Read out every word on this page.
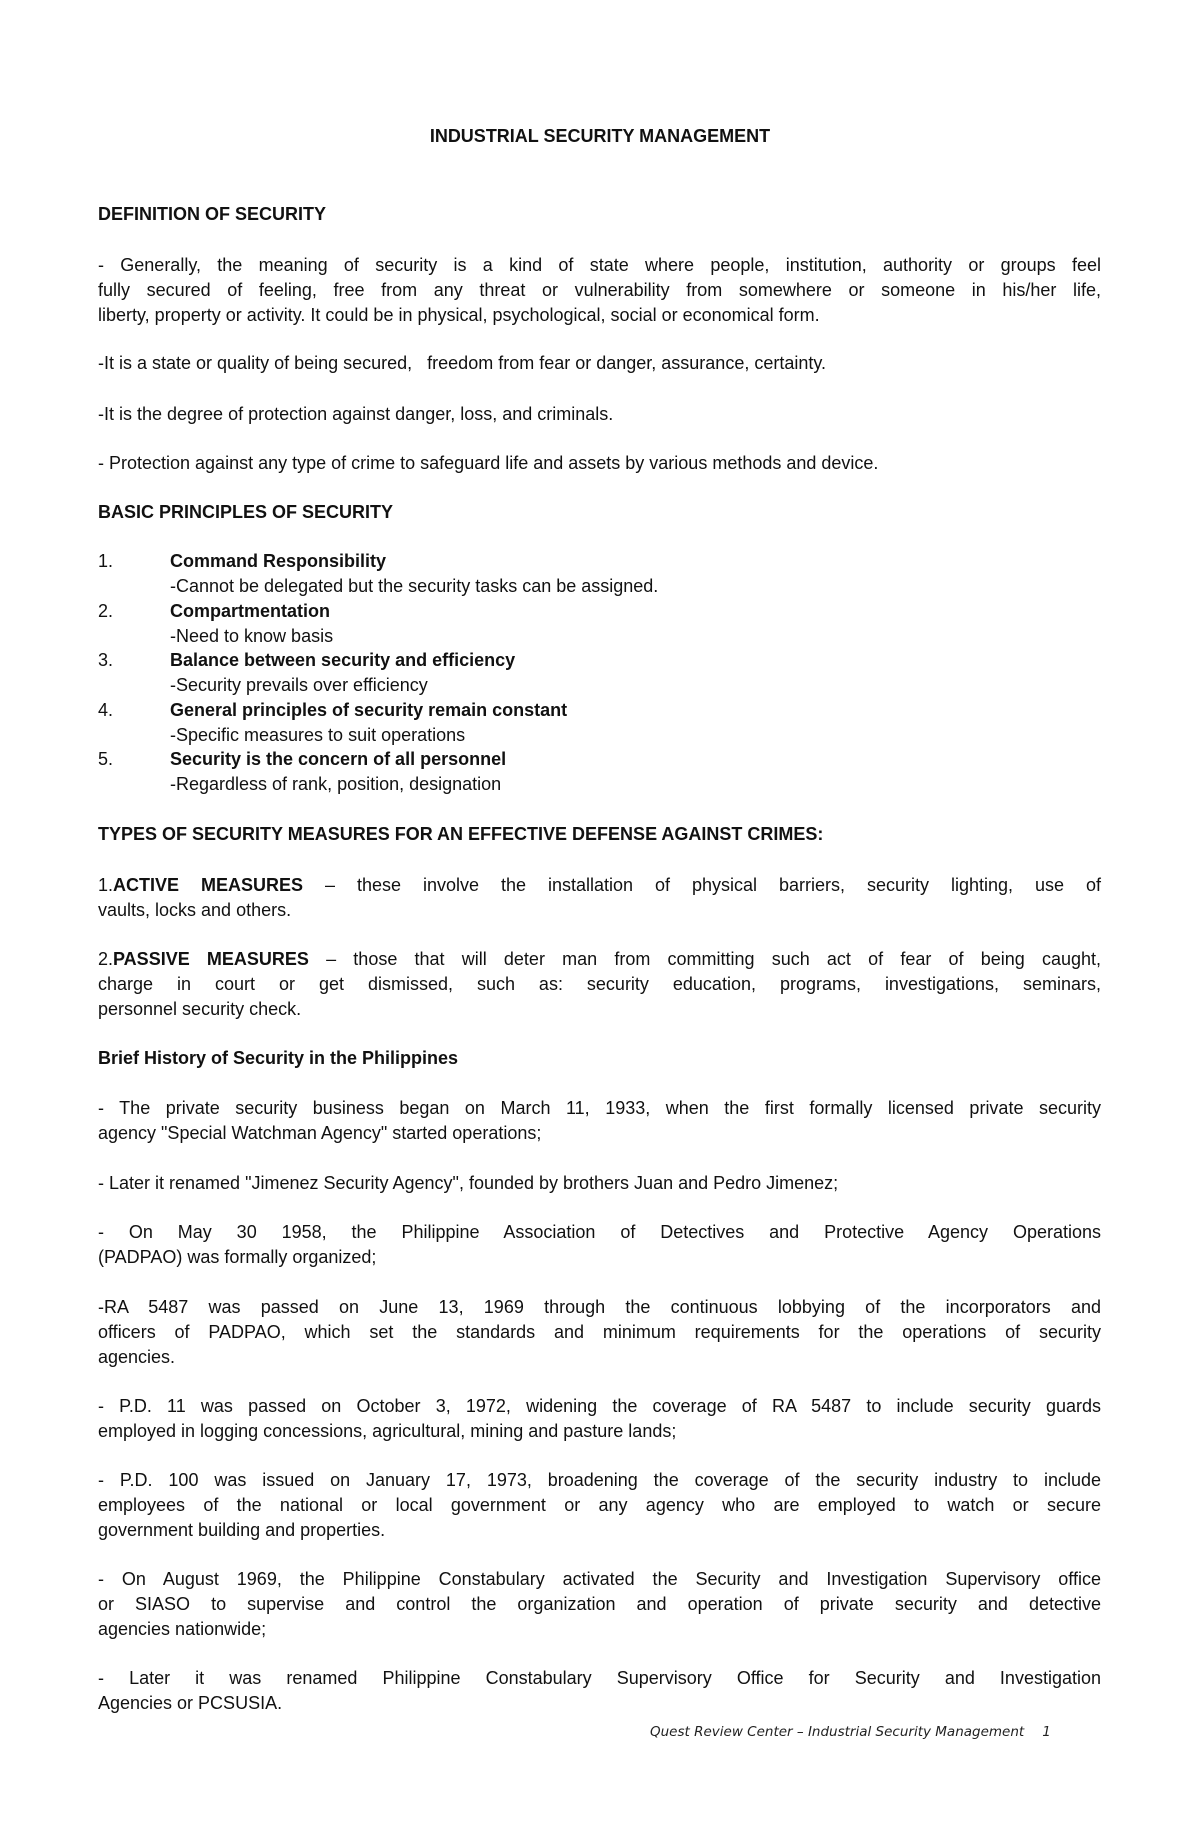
INDUSTRIAL SECURITY MANAGEMENT
DEFINITION OF SECURITY
- Generally, the meaning of security is a kind of state where people, institution, authority or groups feel
fully secured of feeling, free from any threat or vulnerability from somewhere or someone in his/her life,
liberty, property or activity. It could be in physical, psychological, social or economical form.
-It is a state or quality of being secured,   freedom from fear or danger, assurance, certainty.
-It is the degree of protection against danger, loss, and criminals.
- Protection against any type of crime to safeguard life and assets by various methods and device.
BASIC PRINCIPLES OF SECURITY
1.	Command Responsibility
-Cannot be delegated but the security tasks can be assigned.
2.	Compartmentation
-Need to know basis
3.	Balance between security and efficiency
-Security prevails over efficiency
4.	General principles of security remain constant
-Specific measures to suit operations
5.	Security is the concern of all personnel
-Regardless of rank, position, designation
TYPES OF SECURITY MEASURES FOR AN EFFECTIVE DEFENSE AGAINST CRIMES:
1.ACTIVE MEASURES – these involve the installation of physical barriers, security lighting, use of
vaults, locks and others.
2.PASSIVE MEASURES – those that will deter man from committing such act of fear of being caught,
charge in court or get dismissed, such as: security education, programs, investigations, seminars,
personnel security check.
Brief History of Security in the Philippines
- The private security business began on March 11, 1933, when the first formally licensed private security
agency "Special Watchman Agency" started operations;
- Later it renamed "Jimenez Security Agency", founded by brothers Juan and Pedro Jimenez;
- On May 30 1958, the Philippine Association of Detectives and Protective Agency Operations
(PADPAO) was formally organized;
-RA 5487 was passed on June 13, 1969 through the continuous lobbying of the incorporators and
officers of PADPAO, which set the standards and minimum requirements for the operations of security
agencies.
- P.D. 11 was passed on October 3, 1972, widening the coverage of RA 5487 to include security guards
employed in logging concessions, agricultural, mining and pasture lands;
- P.D. 100 was issued on January 17, 1973, broadening the coverage of the security industry to include
employees of the national or local government or any agency who are employed to watch or secure
government building and properties.
- On August 1969, the Philippine Constabulary activated the Security and Investigation Supervisory office
or SIASO to supervise and control the organization and operation of private security and detective
agencies nationwide;
- Later it was renamed Philippine Constabulary Supervisory Office for Security and Investigation
Agencies or PCSUSIA.
Quest Review Center – Industrial Security Management 1
